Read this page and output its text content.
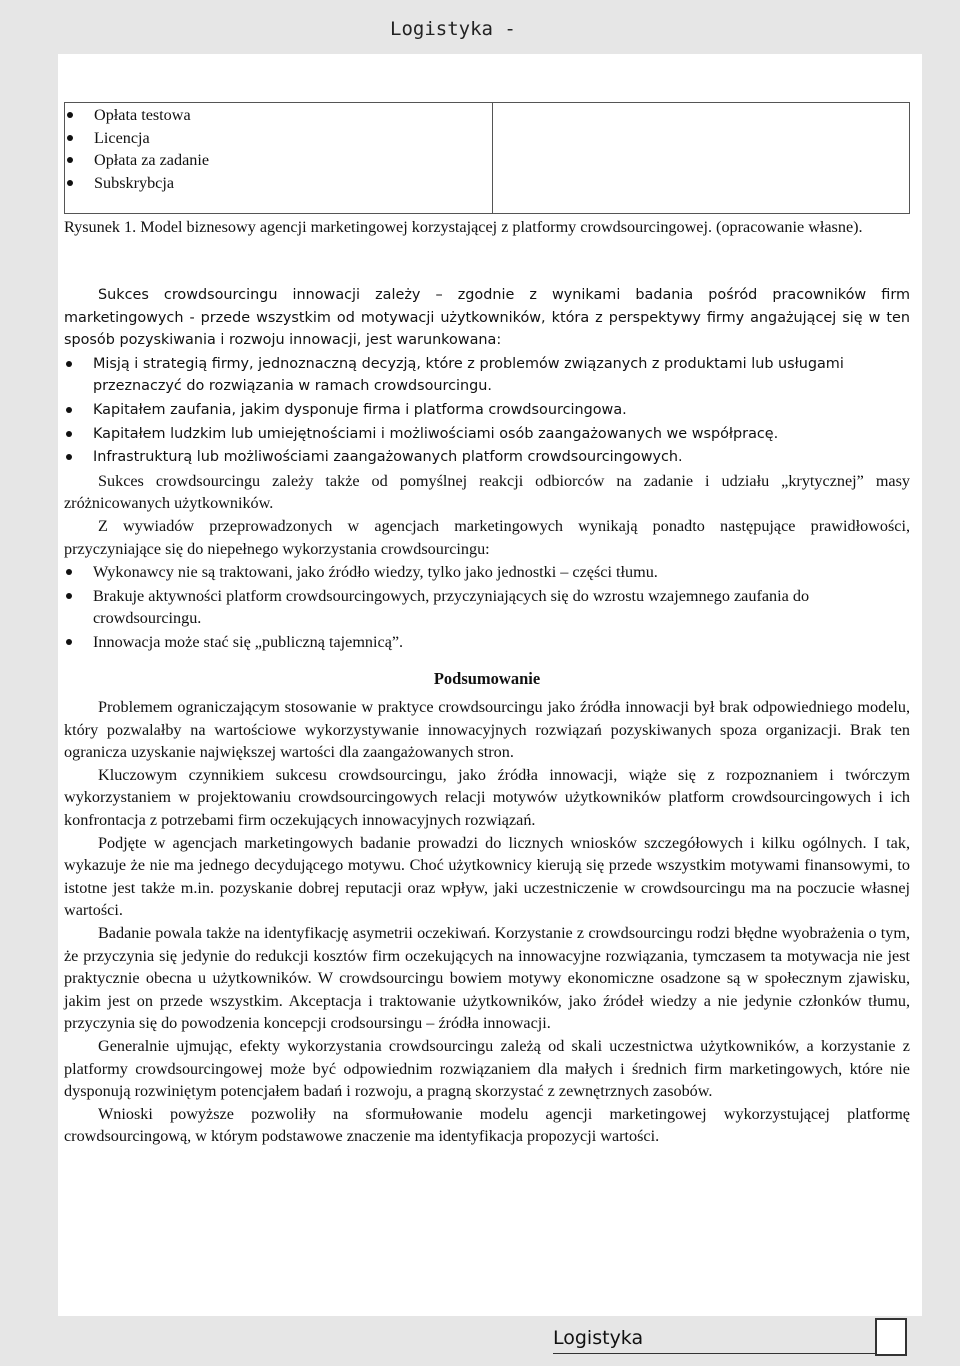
Logistyka -
Opłata testowa
Licencja
Opłata za zadanie
Subskrybcja

Rysunek 1. Model biznesowy agencji marketingowej korzystającej z platformy crowdsourcingowej. (opracowanie własne).

Sukces crowdsourcingu innowacji zależy – zgodnie z wynikami badania pośród pracowników firm marketingowych - przede wszystkim od motywacji użytkowników, która z perspektywy firmy angażującej się w ten sposób pozyskiwania i rozwoju innowacji, jest warunkowana:

Misją i strategią firmy, jednoznaczną decyzją, które z problemów związanych z produktami lub usługami przeznaczyć do rozwiązania w ramach crowdsourcingu.
Kapitałem zaufania, jakim dysponuje firma i platforma crowdsourcingowa.
Kapitałem ludzkim lub umiejętnościami i możliwościami osób zaangażowanych we współpracę.
Infrastrukturą lub możliwościami zaangażowanych platform crowdsourcingowych.

Sukces crowdsourcingu zależy także od pomyślnej reakcji odbiorców na zadanie i udziału „krytycznej” masy zróżnicowanych użytkowników.

Z wywiadów przeprowadzonych w agencjach marketingowych wynikają ponadto następujące prawidłowości, przyczyniające się do niepełnego wykorzystania crowdsourcingu:

Wykonawcy nie są traktowani, jako źródło wiedzy, tylko jako jednostki – części tłumu.
Brakuje aktywności platform crowdsourcingowych, przyczyniających się do wzrostu wzajemnego zaufania do crowdsourcingu.
Innowacja może stać się „publiczną tajemnicą”.
Podsumowanie

Problemem ograniczającym stosowanie w praktyce crowdsourcingu jako źródła innowacji był brak odpowiedniego modelu, który pozwalałby na wartościowe wykorzystywanie innowacyjnych rozwiązań pozyskiwanych spoza organizacji. Brak ten ogranicza uzyskanie największej wartości dla zaangażowanych stron.

Kluczowym czynnikiem sukcesu crowdsourcingu, jako źródła innowacji, wiąże się z rozpoznaniem i twórczym wykorzystaniem w projektowaniu crowdsourcingowych relacji motywów użytkowników platform crowdsourcingowych i ich konfrontacja z potrzebami firm oczekujących innowacyjnych rozwiązań.

Podjęte w agencjach marketingowych badanie prowadzi do licznych wniosków szczegółowych i kilku ogólnych. I tak, wykazuje że nie ma jednego decydującego motywu. Choć użytkownicy kierują się przede wszystkim motywami finansowymi, to istotne jest także m.in. pozyskanie dobrej reputacji oraz wpływ, jaki uczestniczenie w crowdsourcingu ma na poczucie własnej wartości.

Badanie powala także na identyfikację asymetrii oczekiwań. Korzystanie z crowdsourcingu rodzi błędne wyobrażenia o tym, że przyczynia się jedynie do redukcji kosztów firm oczekujących na innowacyjne rozwiązania, tymczasem ta motywacja nie jest praktycznie obecna u użytkowników. W crowdsourcingu bowiem motywy ekonomiczne osadzone są w społecznym zjawisku, jakim jest on przede wszystkim. Akceptacja i traktowanie użytkowników, jako źródeł wiedzy a nie jedynie członków tłumu, przyczynia się do powodzenia koncepcji crodsoursingu – źródła innowacji.

Generalnie ujmując, efekty wykorzystania crowdsourcingu zależą od skali uczestnictwa użytkowników, a korzystanie z platformy crowdsourcingowej może być odpowiednim rozwiązaniem dla małych i średnich firm marketingowych, które nie dysponują rozwiniętym potencjałem badań i rozwoju, a pragną skorzystać z zewnętrznych zasobów.

Wnioski powyższe pozwoliły na sformułowanie modelu agencji marketingowej wykorzystującej platformę crowdsourcingową, w którym podstawowe znaczenie ma identyfikacja propozycji wartości.

Logistyka
